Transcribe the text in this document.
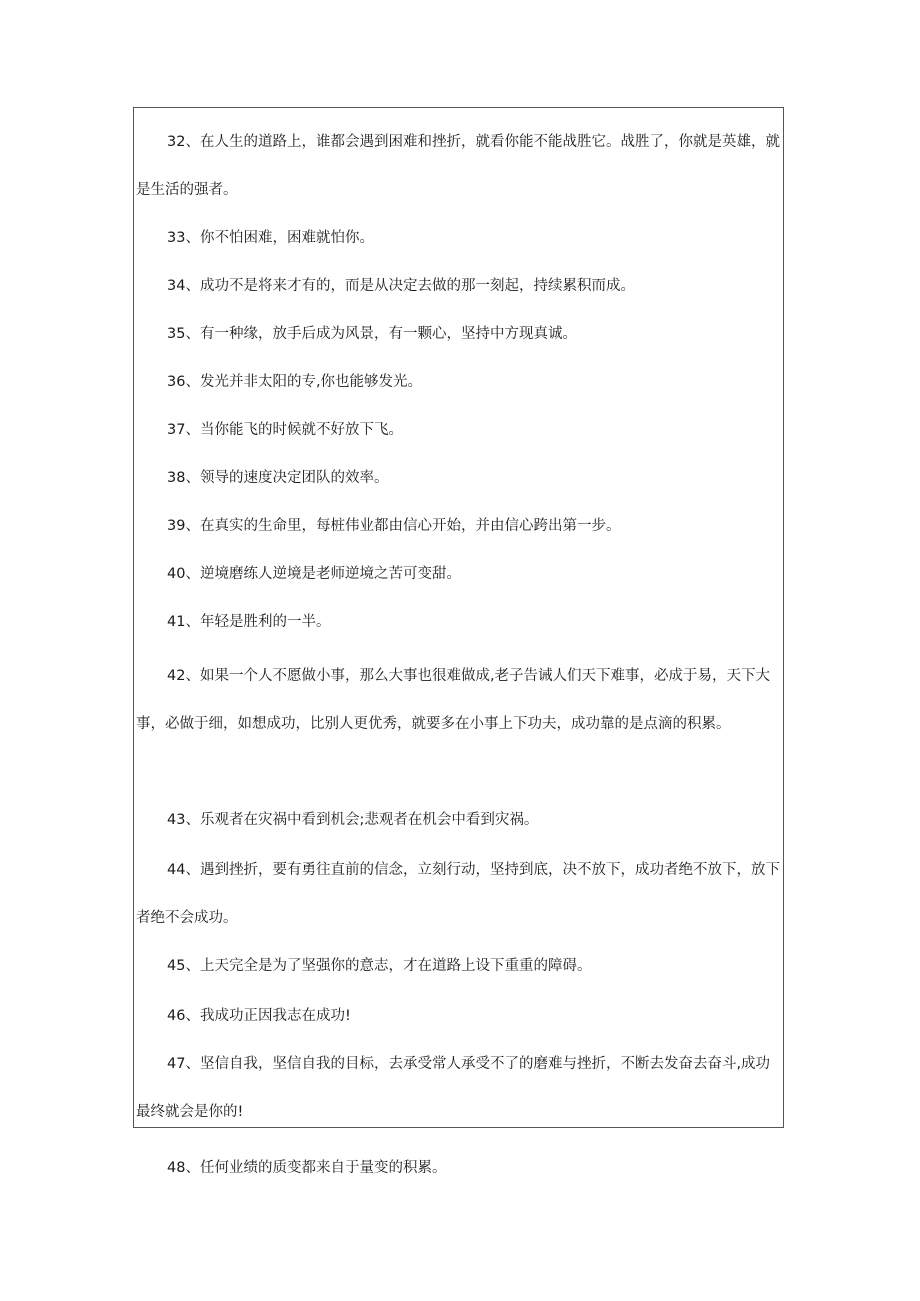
32、在人生的道路上，谁都会遇到困难和挫折，就看你能不能战胜它。战胜了，你就是英雄，就是生活的强者。

33、你不怕困难，困难就怕你。

34、成功不是将来才有的，而是从决定去做的那一刻起，持续累积而成。

35、有一种缘，放手后成为风景，有一颗心，坚持中方现真诚。

36、发光并非太阳的专,你也能够发光。

37、当你能飞的时候就不好放下飞。

38、领导的速度决定团队的效率。

39、在真实的生命里，每桩伟业都由信心开始，并由信心跨出第一步。

40、逆境磨练人逆境是老师逆境之苦可变甜。

41、年轻是胜利的一半。

42、如果一个人不愿做小事，那么大事也很难做成,老子告诫人们天下难事，必成于易，天下大事，必做于细，如想成功，比别人更优秀，就要多在小事上下功夫，成功靠的是点滴的积累。

43、乐观者在灾祸中看到机会;悲观者在机会中看到灾祸。

44、遇到挫折，要有勇往直前的信念，立刻行动，坚持到底，决不放下，成功者绝不放下，放下者绝不会成功。

45、上天完全是为了坚强你的意志，才在道路上设下重重的障碍。

46、我成功正因我志在成功!

47、坚信自我，坚信自我的目标，去承受常人承受不了的磨难与挫折，不断去发奋去奋斗,成功最终就会是你的!

48、任何业绩的质变都来自于量变的积累。
